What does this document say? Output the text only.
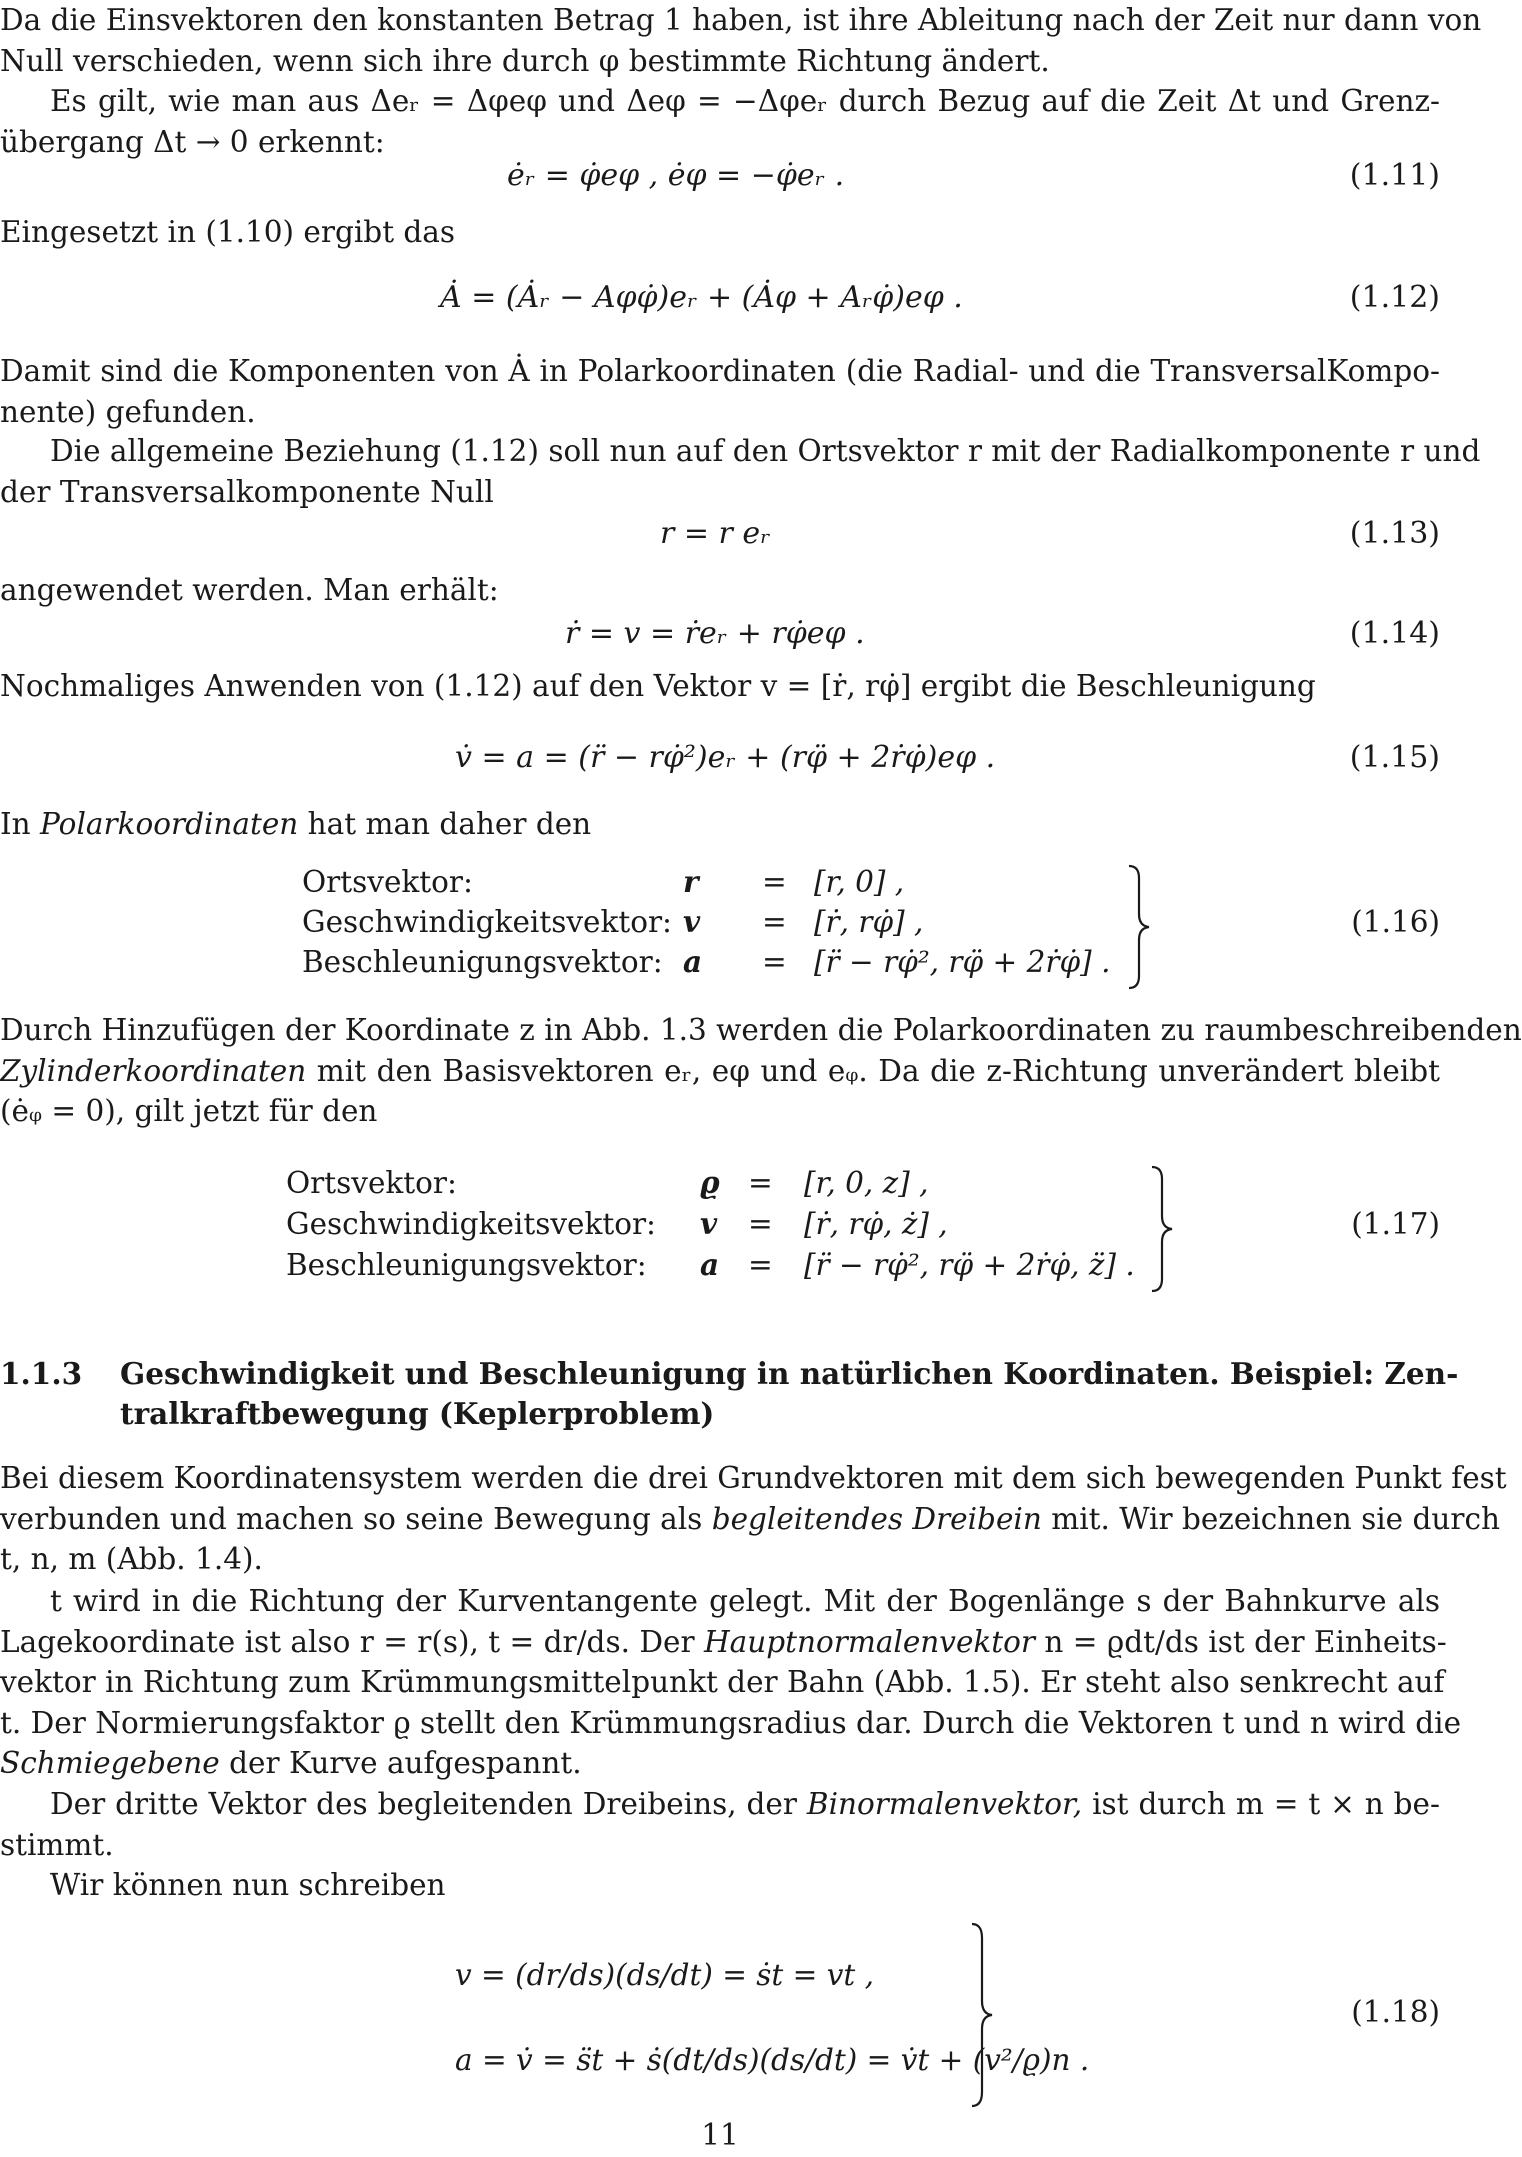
Da die Einsvektoren den konstanten Betrag 1 haben, ist ihre Ableitung nach der Zeit nur dann von
Null verschieden, wenn sich ihre durch φ bestimmte Richtung ändert.
Es gilt, wie man aus Δeᵣ = Δφeφ und Δeφ = −Δφeᵣ durch Bezug auf die Zeit Δt und Grenz-
übergang Δt → 0 erkennt:
ėᵣ = φ̇eφ , ėφ = −φ̇eᵣ .	(1.11)
Eingesetzt in (1.10) ergibt das
Ȧ = (Ȧᵣ − Aφφ̇)eᵣ + (Ȧφ + Aᵣφ̇)eφ .	(1.12)
Damit sind die Komponenten von Ȧ in Polarkoordinaten (die Radial- und die TransversalKompo-
nente) gefunden.
Die allgemeine Beziehung (1.12) soll nun auf den Ortsvektor r mit der Radialkomponente r und
der Transversalkomponente Null
r = r eᵣ	(1.13)
angewendet werden. Man erhält:
ṙ = v = ṙeᵣ + rφ̇eφ .	(1.14)
Nochmaliges Anwenden von (1.12) auf den Vektor v = [ṙ, rφ̇] ergibt die Beschleunigung
v̇ = a = (r̈ − rφ̇²)eᵣ + (rφ̈ + 2ṙφ̇)eφ .	(1.15)
In Polarkoordinaten hat man daher den
Ortsvektor:	r = [r, 0] ,
Geschwindigkeitsvektor: v = [ṙ, rφ̇] ,
Beschleunigungsvektor: a = [r̈ − rφ̇², rφ̈ + 2ṙφ̇] .
(1.16)
Durch Hinzufügen der Koordinate z in Abb. 1.3 werden die Polarkoordinaten zu raumbeschreibenden
Zylinderkoordinaten mit den Basisvektoren eᵣ, eφ und eᵩ. Da die z-Richtung unverändert bleibt
(ėᵩ = 0), gilt jetzt für den
Ortsvektor:	ϱ = [r, 0, z] ,
Geschwindigkeitsvektor: v = [ṙ, rφ̇, ż] ,
Beschleunigungsvektor: a = [r̈ − rφ̇², rφ̈ + 2ṙφ̇, z̈] .
(1.17)
1.1.3 Geschwindigkeit und Beschleunigung in natürlichen Koordinaten. Beispiel: Zen-
tralkraftbewegung (Keplerproblem)
Bei diesem Koordinatensystem werden die drei Grundvektoren mit dem sich bewegenden Punkt fest
verbunden und machen so seine Bewegung als begleitendes Dreibein mit. Wir bezeichnen sie durch
t, n, m (Abb. 1.4).
t wird in die Richtung der Kurventangente gelegt. Mit der Bogenlänge s der Bahnkurve als
Lagekoordinate ist also r = r(s), t = dr/ds. Der Hauptnormalenvektor n = ϱdt/ds ist der Einheits-
vektor in Richtung zum Krümmungsmittelpunkt der Bahn (Abb. 1.5). Er steht also senkrecht auf
t. Der Normierungsfaktor ϱ stellt den Krümmungsradius dar. Durch die Vektoren t und n wird die
Schmiegebene der Kurve aufgespannt.
Der dritte Vektor des begleitenden Dreibeins, der Binormalenvektor, ist durch m = t × n be-
stimmt.
Wir können nun schreiben
v = (dr/ds)(ds/dt) = ṡt = vt ,
a = v̇ = s̈t + ṡ(dt/ds)(ds/dt) = v̇t + (v²/ϱ)n .
(1.18)
11
